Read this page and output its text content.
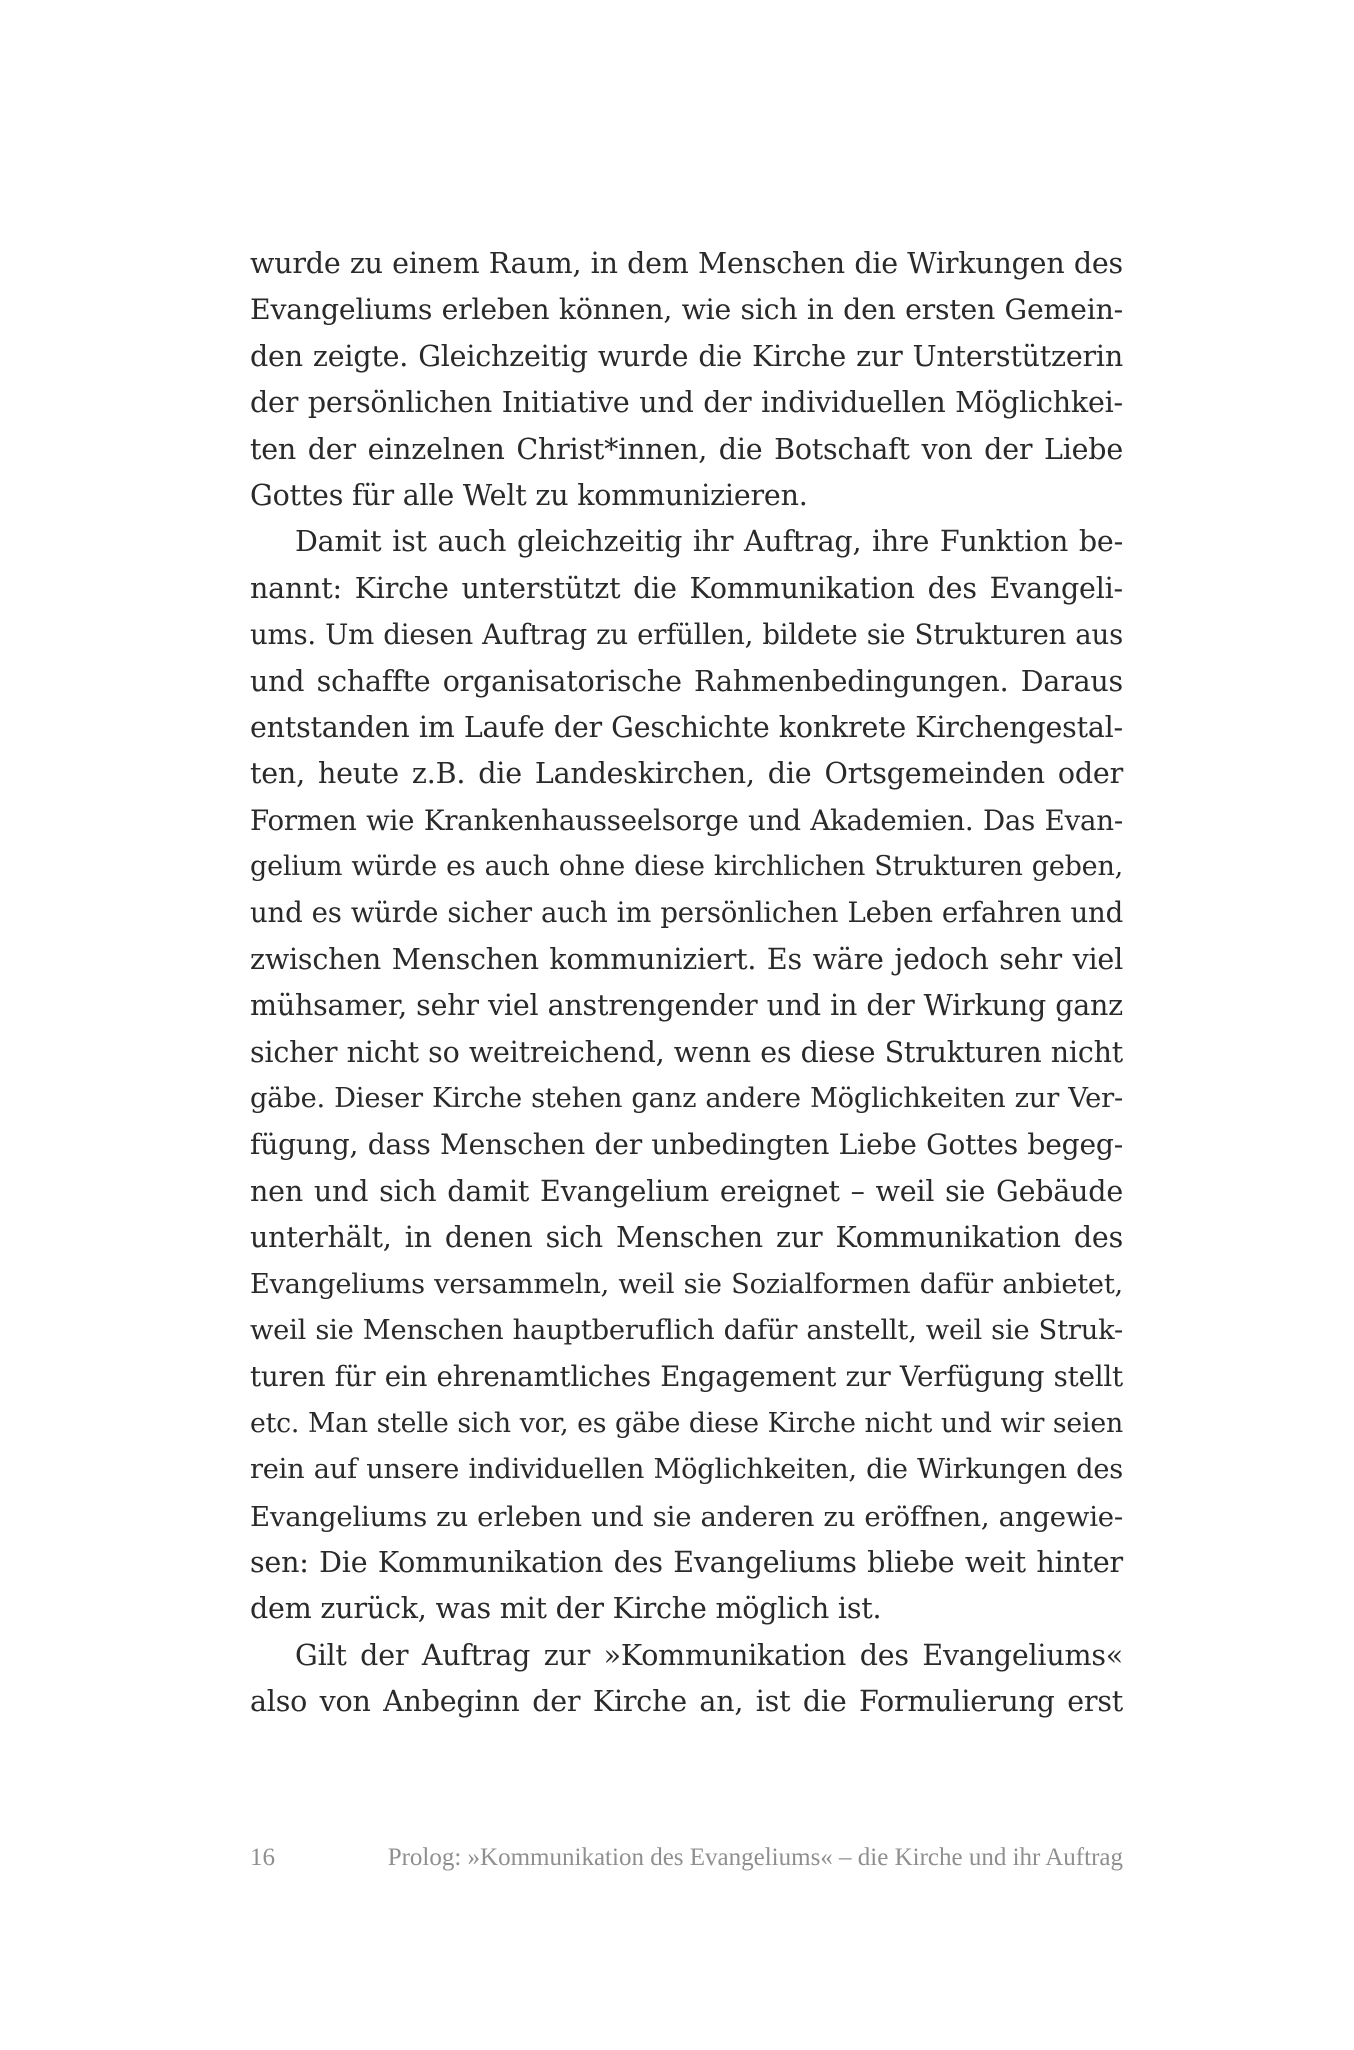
wurde zu einem Raum, in dem Menschen die Wirkungen des
Evangeliums erleben können, wie sich in den ersten Gemein-
den zeigte. Gleichzeitig wurde die Kirche zur Unterstützerin
der persönlichen Initiative und der individuellen Möglichkei-
ten der einzelnen Christ*innen, die Botschaft von der Liebe
Gottes für alle Welt zu kommunizieren.
Damit ist auch gleichzeitig ihr Auftrag, ihre Funktion be-
nannt: Kirche unterstützt die Kommunikation des Evangeli-
ums. Um diesen Auftrag zu erfüllen, bildete sie Strukturen aus
und schaffte organisatorische Rahmenbedingungen. Daraus
entstanden im Laufe der Geschichte konkrete Kirchengestal-
ten, heute z.B. die Landeskirchen, die Ortsgemeinden oder
Formen wie Krankenhausseelsorge und Akademien. Das Evan-
gelium würde es auch ohne diese kirchlichen Strukturen geben,
und es würde sicher auch im persönlichen Leben erfahren und
zwischen Menschen kommuniziert. Es wäre jedoch sehr viel
mühsamer, sehr viel anstrengender und in der Wirkung ganz
sicher nicht so weitreichend, wenn es diese Strukturen nicht
gäbe. Dieser Kirche stehen ganz andere Möglichkeiten zur Ver-
fügung, dass Menschen der unbedingten Liebe Gottes begeg-
nen und sich damit Evangelium ereignet – weil sie Gebäude
unterhält, in denen sich Menschen zur Kommunikation des
Evangeliums versammeln, weil sie Sozialformen dafür anbietet,
weil sie Menschen hauptberuflich dafür anstellt, weil sie Struk-
turen für ein ehrenamtliches Engagement zur Verfügung stellt
etc. Man stelle sich vor, es gäbe diese Kirche nicht und wir seien
rein auf unsere individuellen Möglichkeiten, die Wirkungen des
Evangeliums zu erleben und sie anderen zu eröffnen, angewie-
sen: Die Kommunikation des Evangeliums bliebe weit hinter
dem zurück, was mit der Kirche möglich ist.
Gilt der Auftrag zur »Kommunikation des Evangeliums«
also von Anbeginn der Kirche an, ist die Formulierung erst
16	Prolog: »Kommunikation des Evangeliums« – die Kirche und ihr Auftrag
